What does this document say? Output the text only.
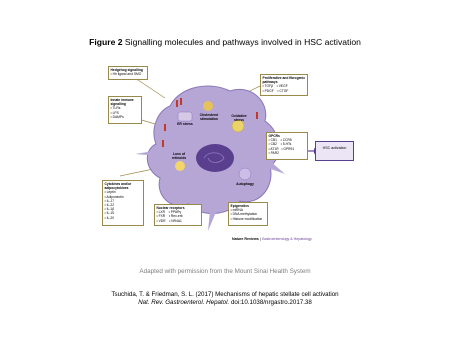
Figure 2 Signalling molecules and pathways involved in HSC activation
Hedgehog signalling
• Hh ligand and SMO
Innate immune signalling
• TLRs
• LPS
• DAMPs
Cytokines and/or adipocytokines
• Leptin
• Adiponectin
• IL-17
• IL-22
• IL-1β
• IL-15
• IL-20
Proliferative and fibrogenic pathways
• TGFβ    • VEGF
• PDGF    • CTGF
GPCRs
• CB1    • CCR5
• CB2    • 5-HTs
• AT1R   • GPR91
• PAR2
Nuclear receptors
• LXR    • PPARγ
• FXR    • Rev-erb
• VDR    • NR4A1
Epigenetics
• miRNA
• DNA methylation
• Histone modification
ER stress
Cholesterol stimulation
Oxidative stress
Loss of retinoids
Autophagy
HSC activation
Nature Reviews | Gastroenterology & Hepatology
Adapted with permission from the Mount Sinai Health System
Tsuchida, T. & Friedman, S. L. (2017) Mechanisms of hepatic stellate cell activation
Nat. Rev. Gastroenterol. Hepatol. doi:10.1038/nrgastro.2017.38
